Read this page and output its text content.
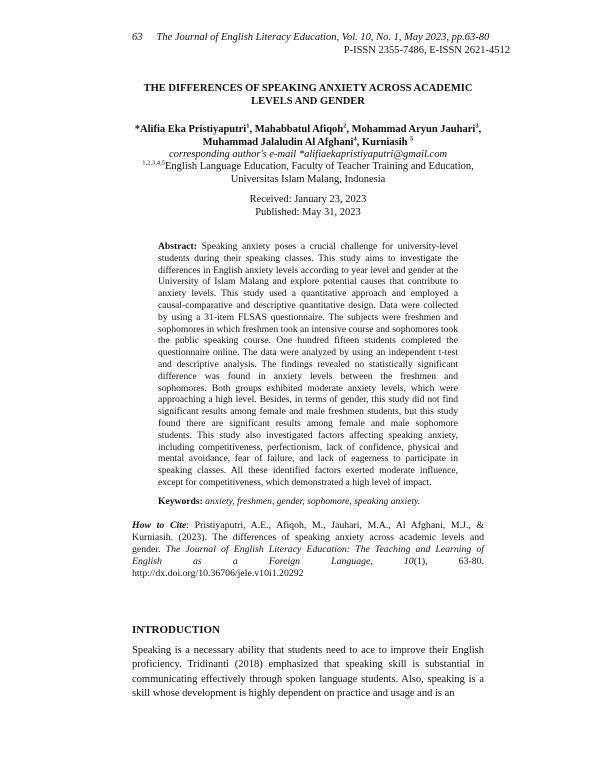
63 The Journal of English Literacy Education, Vol. 10, No. 1, May 2023, pp.63-80
P-ISSN 2355-7486, E-ISSN 2621-4512
THE DIFFERENCES OF SPEAKING ANXIETY ACROSS ACADEMIC LEVELS AND GENDER
*Alifia Eka Pristiyaputri$^1$, Mahabbatul Afiqoh$^2$, Mohammad Aryun Jauhari$^3$,
Muhammad Jalaludin Al Afghani$^4$, Kurniasih $^5$
corresponding author's e-mail *alifiaekapristiyaputri@gmail.com
$^{1,2,3,4,5}$English Language Education, Faculty of Teacher Training and Education,
Universitas Islam Malang, Indonesia
Received: January 23, 2023
Published: May 31, 2023
Abstract: Speaking anxiety poses a crucial challenge for university-level students during their speaking classes. This study aims to investigate the differences in English anxiety levels according to year level and gender at the University of Islam Malang and explore potential causes that contribute to anxiety levels. This study used a quantitative approach and employed a causal-comparative and descriptive quantitative design. Data were collected by using a 31-item FLSAS questionnaire. The subjects were freshmen and sophomores in which freshmen took an intensive course and sophomores took the public speaking course. One hundred fifteen students completed the questionnaire online. The data were analyzed by using an independent t-test and descriptive analysis. The findings revealed no statistically significant difference was found in anxiety levels between the freshmen and sophomores. Both groups exhibited moderate anxiety levels, which were approaching a high level. Besides, in terms of gender, this study did not find significant results among female and male freshmen students, but this study found there are significant results among female and male sophomore students. This study also investigated factors affecting speaking anxiety, including competitiveness, perfectionism, lack of confidence, physical and mental avoidance, fear of failure, and lack of eagerness to participate in speaking classes. All these identified factors exerted moderate influence, except for competitiveness, which demonstrated a high level of impact.
Keywords: anxiety, freshmen, gender, sophomore, speaking anxiety.
How to Cite: Pristiyaputri, A.E., Afiqoh, M., Jauhari, M.A., Al Afghani, M.J., & Kurniasih. (2023). The differences of speaking anxiety across academic levels and gender. The Journal of English Literacy Education: The Teaching and Learning of English as a Foreign Language, 10(1), 63-80. http://dx.doi.org/10.36706/jele.v10i1.20292
INTRODUCTION
Speaking is a necessary ability that students need to ace to improve their English proficiency. Tridinanti (2018) emphasized that speaking skill is substantial in communicating effectively through spoken language students. Also, speaking is a skill whose development is highly dependent on practice and usage and is an
